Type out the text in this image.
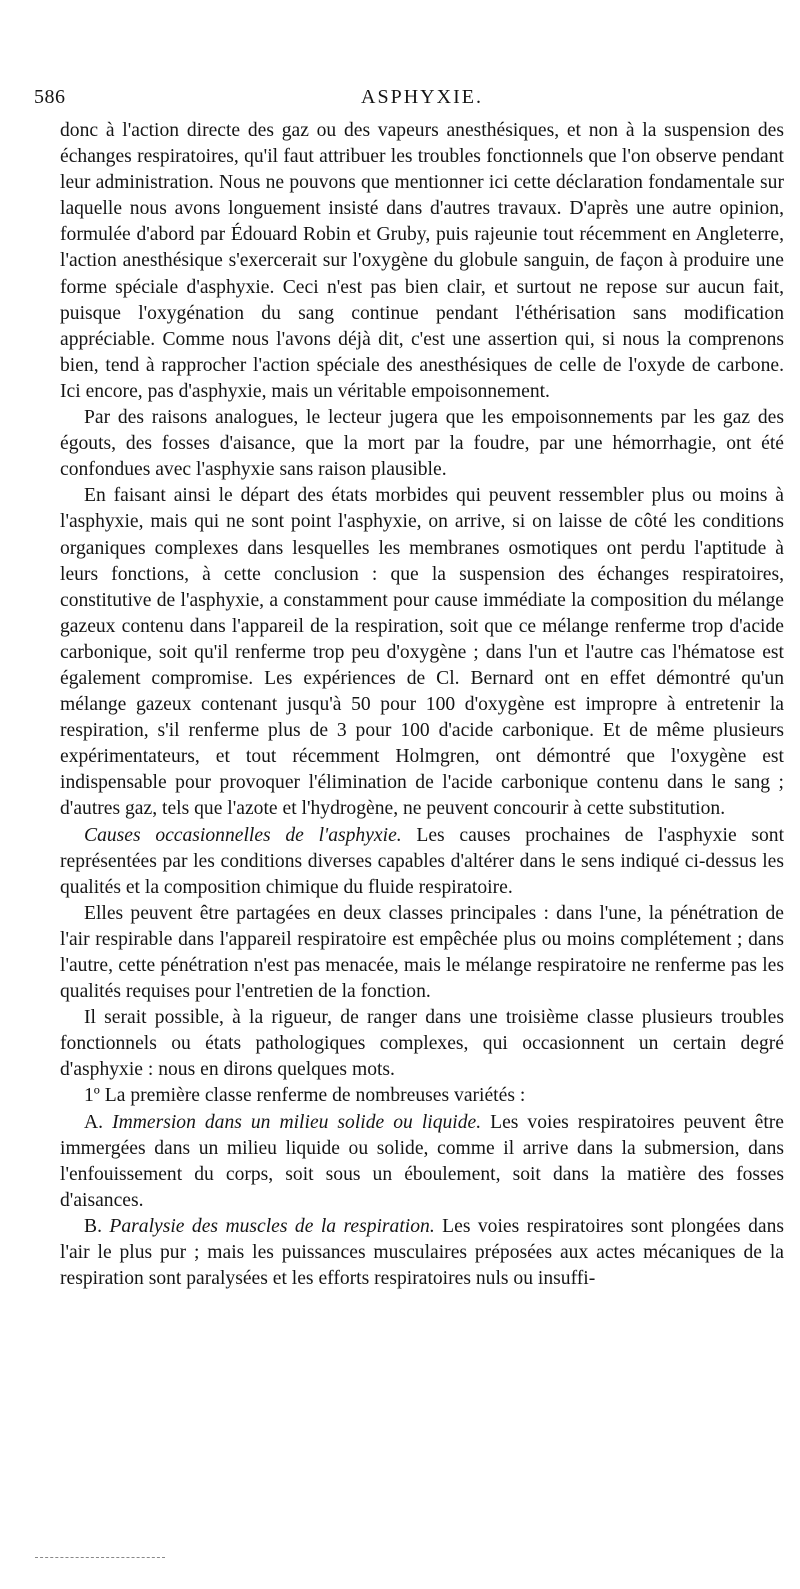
586	ASPHYXIE.

donc à l'action directe des gaz ou des vapeurs anesthésiques, et non à la suspension des échanges respiratoires, qu'il faut attribuer les troubles fonctionnels que l'on observe pendant leur administration. Nous ne pouvons que mentionner ici cette déclaration fondamentale sur laquelle nous avons longuement insisté dans d'autres travaux. D'après une autre opinion, formulée d'abord par Édouard Robin et Gruby, puis rajeunie tout récemment en Angleterre, l'action anesthésique s'exercerait sur l'oxygène du globule sanguin, de façon à produire une forme spéciale d'asphyxie. Ceci n'est pas bien clair, et surtout ne repose sur aucun fait, puisque l'oxygénation du sang continue pendant l'éthérisation sans modification appréciable. Comme nous l'avons déjà dit, c'est une assertion qui, si nous la comprenons bien, tend à rapprocher l'action spéciale des anesthésiques de celle de l'oxyde de carbone. Ici encore, pas d'asphyxie, mais un véritable empoisonnement.

Par des raisons analogues, le lecteur jugera que les empoisonnements par les gaz des égouts, des fosses d'aisance, que la mort par la foudre, par une hémorrhagie, ont été confondues avec l'asphyxie sans raison plausible.

En faisant ainsi le départ des états morbides qui peuvent ressembler plus ou moins à l'asphyxie, mais qui ne sont point l'asphyxie, on arrive, si on laisse de côté les conditions organiques complexes dans lesquelles les membranes osmotiques ont perdu l'aptitude à leurs fonctions, à cette conclusion : que la suspension des échanges respiratoires, constitutive de l'asphyxie, a constamment pour cause immédiate la composition du mélange gazeux contenu dans l'appareil de la respiration, soit que ce mélange renferme trop d'acide carbonique, soit qu'il renferme trop peu d'oxygène ; dans l'un et l'autre cas l'hématose est également compromise. Les expériences de Cl. Bernard ont en effet démontré qu'un mélange gazeux contenant jusqu'à 50 pour 100 d'oxygène est impropre à entretenir la respiration, s'il renferme plus de 3 pour 100 d'acide carbonique. Et de même plusieurs expérimentateurs, et tout récemment Holmgren, ont démontré que l'oxygène est indispensable pour provoquer l'élimination de l'acide carbonique contenu dans le sang ; d'autres gaz, tels que l'azote et l'hydrogène, ne peuvent concourir à cette substitution.

Causes occasionnelles de l'asphyxie. Les causes prochaines de l'asphyxie sont représentées par les conditions diverses capables d'altérer dans le sens indiqué ci-dessus les qualités et la composition chimique du fluide respiratoire.

Elles peuvent être partagées en deux classes principales : dans l'une, la pénétration de l'air respirable dans l'appareil respiratoire est empêchée plus ou moins complétement ; dans l'autre, cette pénétration n'est pas menacée, mais le mélange respiratoire ne renferme pas les qualités requises pour l'entretien de la fonction.

Il serait possible, à la rigueur, de ranger dans une troisième classe plusieurs troubles fonctionnels ou états pathologiques complexes, qui occasionnent un certain degré d'asphyxie : nous en dirons quelques mots.

1º La première classe renferme de nombreuses variétés :

A. Immersion dans un milieu solide ou liquide. Les voies respiratoires peuvent être immergées dans un milieu liquide ou solide, comme il arrive dans la submersion, dans l'enfouissement du corps, soit sous un éboulement, soit dans la matière des fosses d'aisances.

B. Paralysie des muscles de la respiration. Les voies respiratoires sont plongées dans l'air le plus pur ; mais les puissances musculaires préposées aux actes mécaniques de la respiration sont paralysées et les efforts respiratoires nuls ou insuffi-
